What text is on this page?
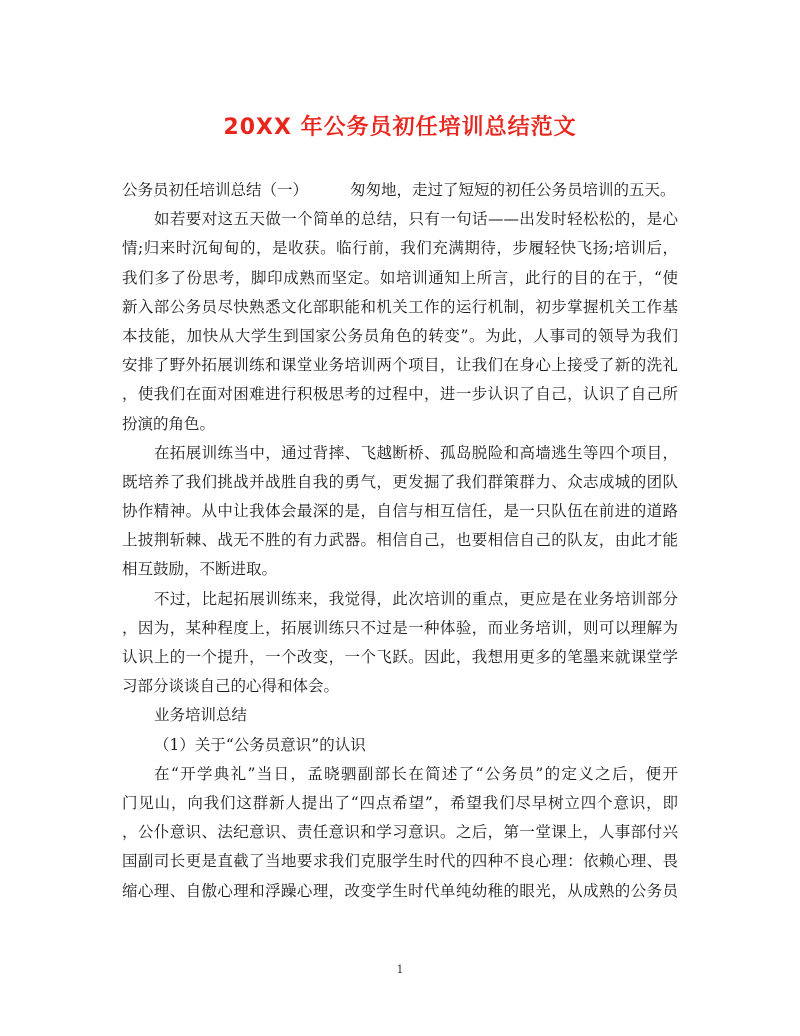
20XX 年公务员初任培训总结范文
公务员初任培训总结（一）	匆匆地，走过了短短的初任公务员培训的五天。
如若要对这五天做一个简单的总结，只有一句话——出发时轻松松的，是心
情;归来时沉甸甸的，是收获。临行前，我们充满期待，步履轻快飞扬;培训后，
我们多了份思考，脚印成熟而坚定。如培训通知上所言，此行的目的在于，“使
新入部公务员尽快熟悉文化部职能和机关工作的运行机制，初步掌握机关工作基
本技能，加快从大学生到国家公务员角色的转变”。为此，人事司的领导为我们
安排了野外拓展训练和课堂业务培训两个项目，让我们在身心上接受了新的洗礼
，使我们在面对困难进行积极思考的过程中，进一步认识了自己，认识了自己所
扮演的角色。
在拓展训练当中，通过背摔、飞越断桥、孤岛脱险和高墙逃生等四个项目，
既培养了我们挑战并战胜自我的勇气，更发掘了我们群策群力、众志成城的团队
协作精神。从中让我体会最深的是，自信与相互信任，是一只队伍在前进的道路
上披荆斩棘、战无不胜的有力武器。相信自己，也要相信自己的队友，由此才能
相互鼓励，不断进取。
不过，比起拓展训练来，我觉得，此次培训的重点，更应是在业务培训部分
，因为，某种程度上，拓展训练只不过是一种体验，而业务培训，则可以理解为
认识上的一个提升，一个改变，一个飞跃。因此，我想用更多的笔墨来就课堂学
习部分谈谈自己的心得和体会。
业务培训总结
（1）关于“公务员意识”的认识
在“开学典礼”当日，孟晓驷副部长在简述了“公务员”的定义之后，便开
门见山，向我们这群新人提出了“四点希望”，希望我们尽早树立四个意识，即
，公仆意识、法纪意识、责任意识和学习意识。之后，第一堂课上，人事部付兴
国副司长更是直截了当地要求我们克服学生时代的四种不良心理：依赖心理、畏
缩心理、自傲心理和浮躁心理，改变学生时代单纯幼稚的眼光，从成熟的公务员
1
